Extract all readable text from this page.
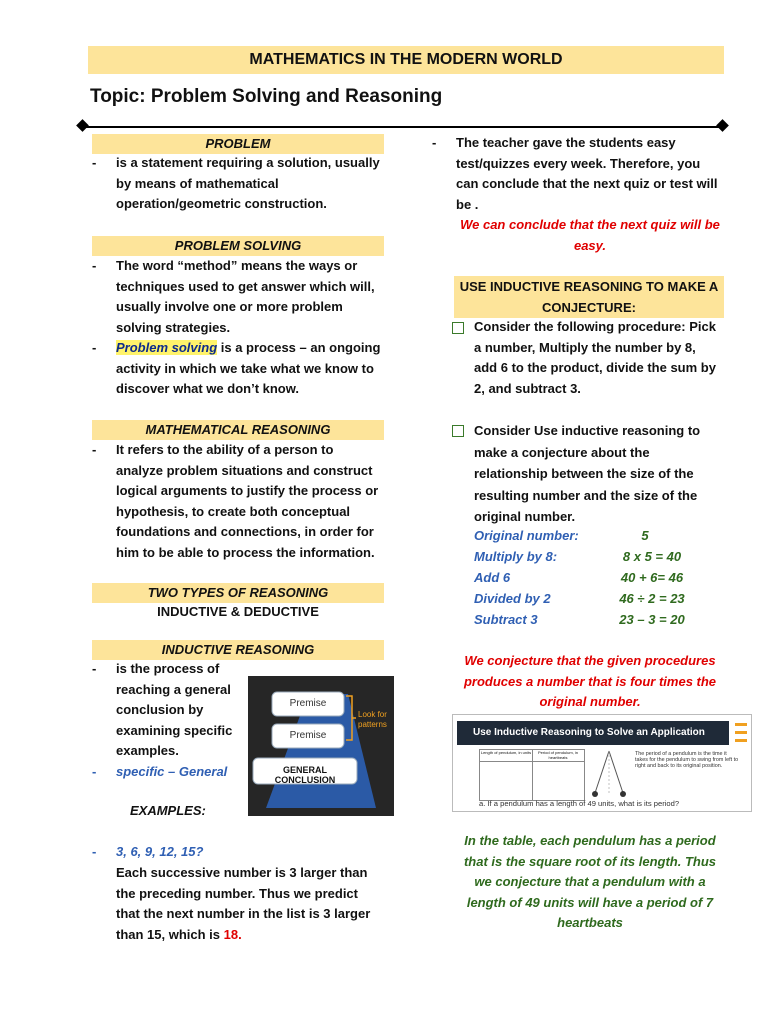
MATHEMATICS IN THE MODERN WORLD
Topic: Problem Solving and Reasoning
PROBLEM
- is a statement requiring a solution, usually
by means of mathematical
operation/geometric construction.
PROBLEM SOLVING
- The word “method” means the ways or
techniques used to get answer which will,
usually involve one or more problem
solving strategies.
- Problem solving is a process – an ongoing
activity in which we take what we know to
discover what we don’t know.
MATHEMATICAL REASONING
- It refers to the ability of a person to
analyze problem situations and construct
logical arguments to justify the process or
hypothesis, to create both conceptual
foundations and connections, in order for
him to be able to process the information.
TWO TYPES OF REASONING
INDUCTIVE & DEDUCTIVE
INDUCTIVE REASONING
- is the process of
reaching a general
conclusion by
examining specific
examples.
- specific – General
Premise
Premise
GENERAL CONCLUSION
Look for
patterns
EXAMPLES:
- 3, 6, 9, 12, 15?
Each successive number is 3 larger than
the preceding number. Thus we predict
that the next number in the list is 3 larger
than 15, which is 18.
- The teacher gave the students easy
test/quizzes every week. Therefore, you
can conclude that the next quiz or test will
be .
We can conclude that the next quiz will be
easy.
USE INDUCTIVE REASONING TO MAKE A
CONJECTURE:
Consider the following procedure: Pick
a number, Multiply the number by 8,
add 6 to the product, divide the sum by
2, and subtract 3.
Consider Use inductive reasoning to
make a conjecture about the
relationship between the size of the
resulting number and the size of the
original number.
Original number:	5
Multiply by 8:	8 x 5 = 40
Add 6	40 + 6= 46
Divided by 2	46 ÷ 2 = 23
Subtract 3	23 – 3 = 20
We conjecture that the given procedures
produces a number that is four times the
original number.
Use Inductive Reasoning to Solve an Application
Length of pendulum, in units	Period of pendulum, in heartbeats
The period of a pendulum is the time it takes for the pendulum to swing from left to right and back to its original position.
a. If a pendulum has a length of 49 units, what is its period?
In the table, each pendulum has a period
that is the square root of its length. Thus
we conjecture that a pendulum with a
length of 49 units will have a period of 7
heartbeats
